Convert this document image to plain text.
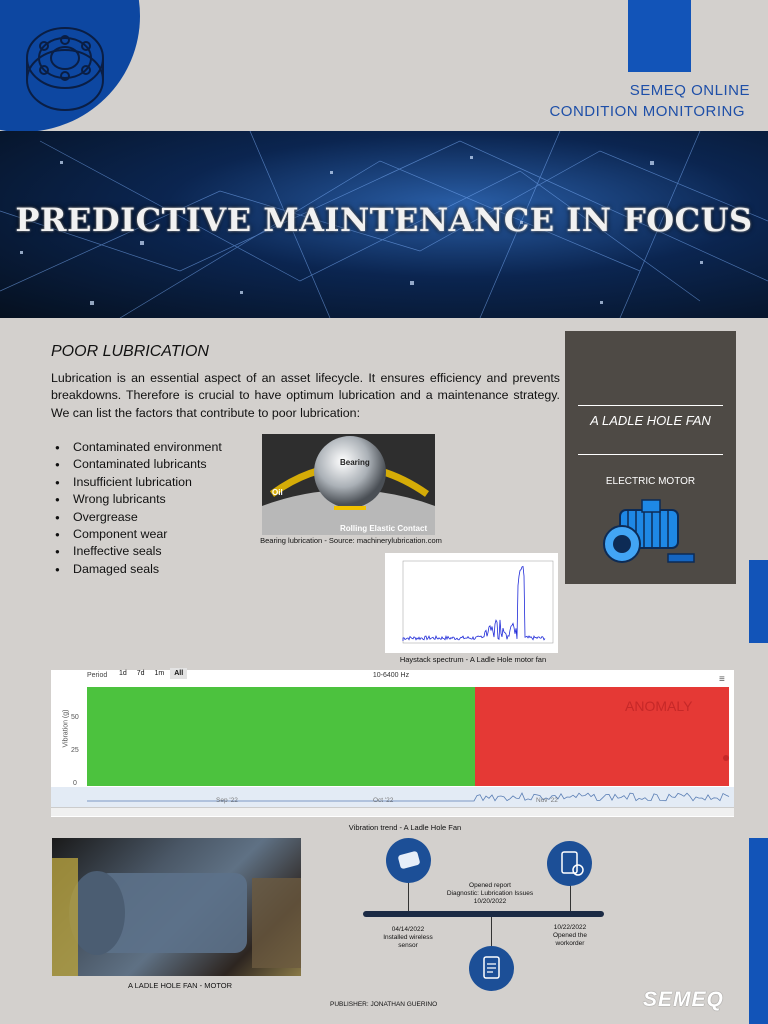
SEMEQ ONLINE
CONDITION MONITORING
PREDICTIVE MAINTENANCE IN FOCUS
POOR LUBRICATION
Lubrication is an essential aspect of an asset lifecycle. It ensures efficiency and prevents breakdowns. Therefore is crucial to have optimum lubrication and a maintenance strategy. We can list the factors that contribute to poor lubrication:
● Contaminated environment
● Contaminated lubricants
● Insufficient lubrication
● Wrong lubricants
● Overgrease
● Component wear
● Ineffective seals
● Damaged seals
Bearing
Oil
Rolling Elastic Contact
Bearing lubrication - Source: machinerylubrication.com
A LADLE HOLE FAN
ELECTRIC MOTOR
Haystack spectrum - A Ladle Hole motor fan
Period	1d 7d 1m All	10-6400 Hz	≡
Vibration (g) 50
25
0
ANOMALY
Sep '22	Oct '22	Nov '22
Vibration trend - A Ladle Hole Fan
A LADLE HOLE FAN - MOTOR
Opened report
Diagnostic: Lubrication Issues
10/20/2022
04/14/2022
Installed wireless
sensor
10/22/2022
Opened the
workorder
PUBLISHER: JONATHAN GUERINO	SEMEQ
